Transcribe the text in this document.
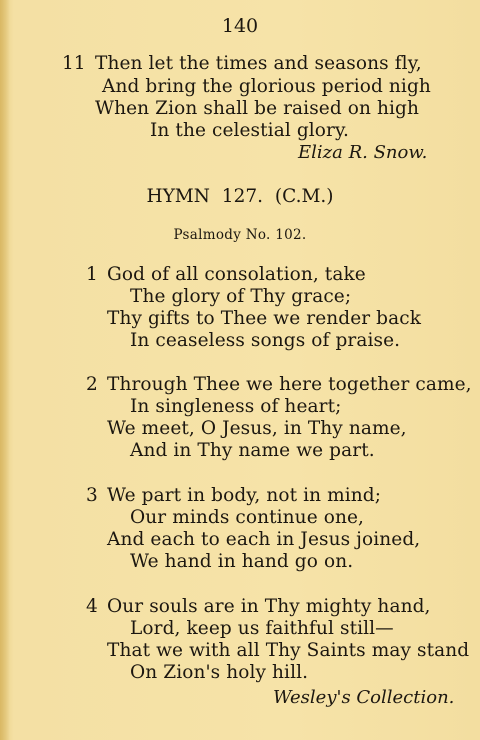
140
11 Then let the times and seasons fly,
And bring the glorious period nigh
When Zion shall be raised on high
In the celestial glory.
Eliza R. Snow.
HYMN 127. (C.M.)
Psalmody No. 102.
1 God of all consolation, take
The glory of Thy grace;
Thy gifts to Thee we render back
In ceaseless songs of praise.
2 Through Thee we here together came,
In singleness of heart;
We meet, O Jesus, in Thy name,
And in Thy name we part.
3 We part in body, not in mind;
Our minds continue one,
And each to each in Jesus joined,
We hand in hand go on.
4 Our souls are in Thy mighty hand,
Lord, keep us faithful still—
That we with all Thy Saints may stand
On Zion's holy hill.
Wesley's Collection.
